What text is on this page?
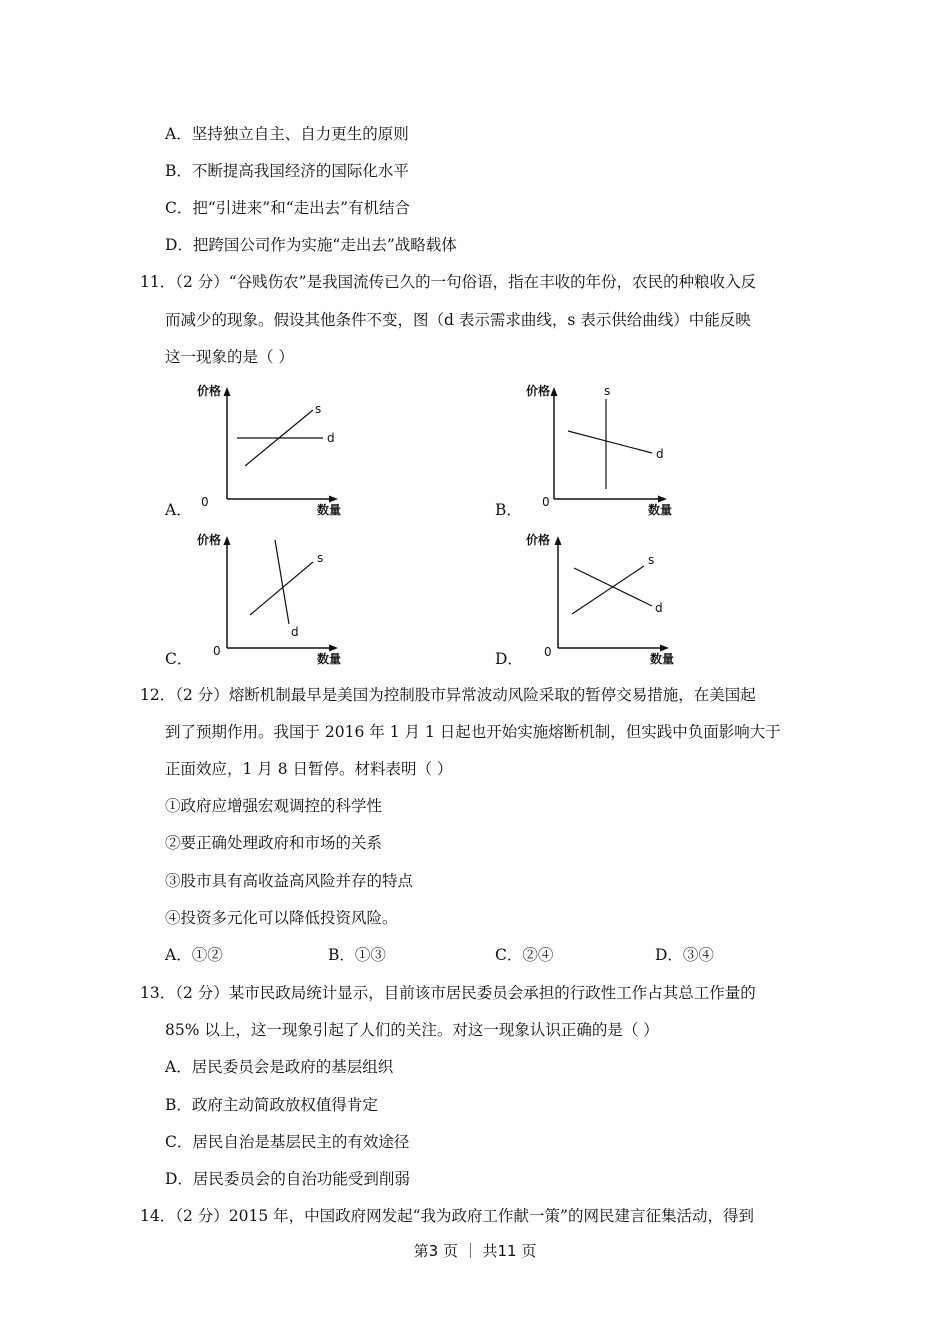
A．坚持独立自主、自力更生的原则
B．不断提高我国经济的国际化水平
C．把“引进来”和“走出去”有机结合
D．把跨国公司作为实施“走出去”战略载体
11．（2 分）“谷贱伤农”是我国流传已久的一句俗语，指在丰收的年份，农民的种粮收入反
而减少的现象。假设其他条件不变，图（d 表示需求曲线，s 表示供给曲线）中能反映
这一现象的是（ ）
A．
价格
0
数量
s
d
B．
价格
0
数量
s
d
C．
价格
0
数量
s
d
D．
价格
0	数量
s
d
12．（2 分）熔断机制最早是美国为控制股市异常波动风险采取的暂停交易措施，在美国起
到了预期作用。我国于 2016 年 1 月 1 日起也开始实施熔断机制，但实践中负面影响大于
正面效应，1 月 8 日暂停。材料表明（ ）
①政府应增强宏观调控的科学性
②要正确处理政府和市场的关系
③股市具有高收益高风险并存的特点
④投资多元化可以降低投资风险。
A．①②	B．①③	C．②④	D．③④
13．（2 分）某市民政局统计显示，目前该市居民委员会承担的行政性工作占其总工作量的
85% 以上，这一现象引起了人们的关注。对这一现象认识正确的是（ ）
A．居民委员会是政府的基层组织
B．政府主动简政放权值得肯定
C．居民自治是基层民主的有效途径
D．居民委员会的自治功能受到削弱
14．（2 分）2015 年，中国政府网发起“我为政府工作献一策”的网民建言征集活动，得到
第3 页 ｜ 共11 页
